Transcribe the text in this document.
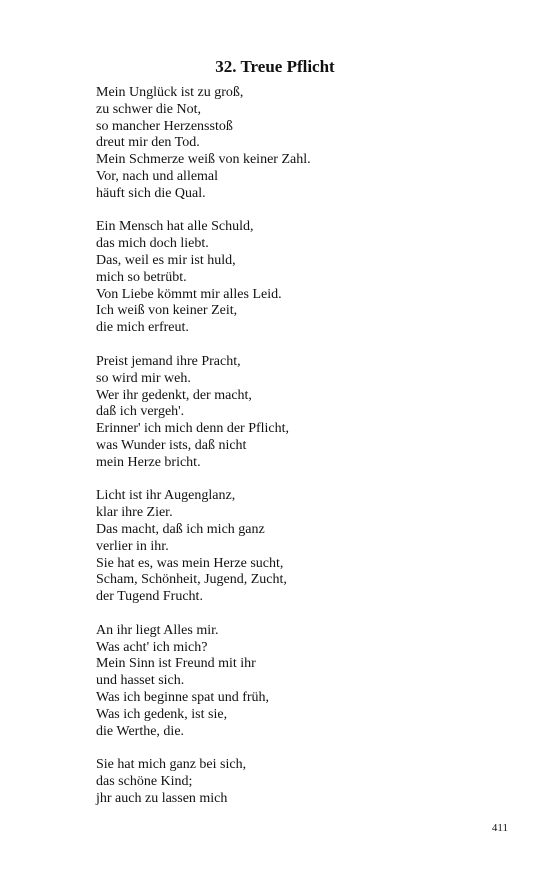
32. Treue Pflicht
Mein Unglück ist zu groß,
zu schwer die Not,
so mancher Herzensstoß
dreut mir den Tod.
Mein Schmerze weiß von keiner Zahl.
Vor, nach und allemal
häuft sich die Qual.
Ein Mensch hat alle Schuld,
das mich doch liebt.
Das, weil es mir ist huld,
mich so betrübt.
Von Liebe kömmt mir alles Leid.
Ich weiß von keiner Zeit,
die mich erfreut.
Preist jemand ihre Pracht,
so wird mir weh.
Wer ihr gedenkt, der macht,
daß ich vergeh'.
Erinner' ich mich denn der Pflicht,
was Wunder ists, daß nicht
mein Herze bricht.
Licht ist ihr Augenglanz,
klar ihre Zier.
Das macht, daß ich mich ganz
verlier in ihr.
Sie hat es, was mein Herze sucht,
Scham, Schönheit, Jugend, Zucht,
der Tugend Frucht.
An ihr liegt Alles mir.
Was acht' ich mich?
Mein Sinn ist Freund mit ihr
und hasset sich.
Was ich beginne spat und früh,
Was ich gedenk, ist sie,
die Werthe, die.
Sie hat mich ganz bei sich,
das schöne Kind;
jhr auch zu lassen mich
411
